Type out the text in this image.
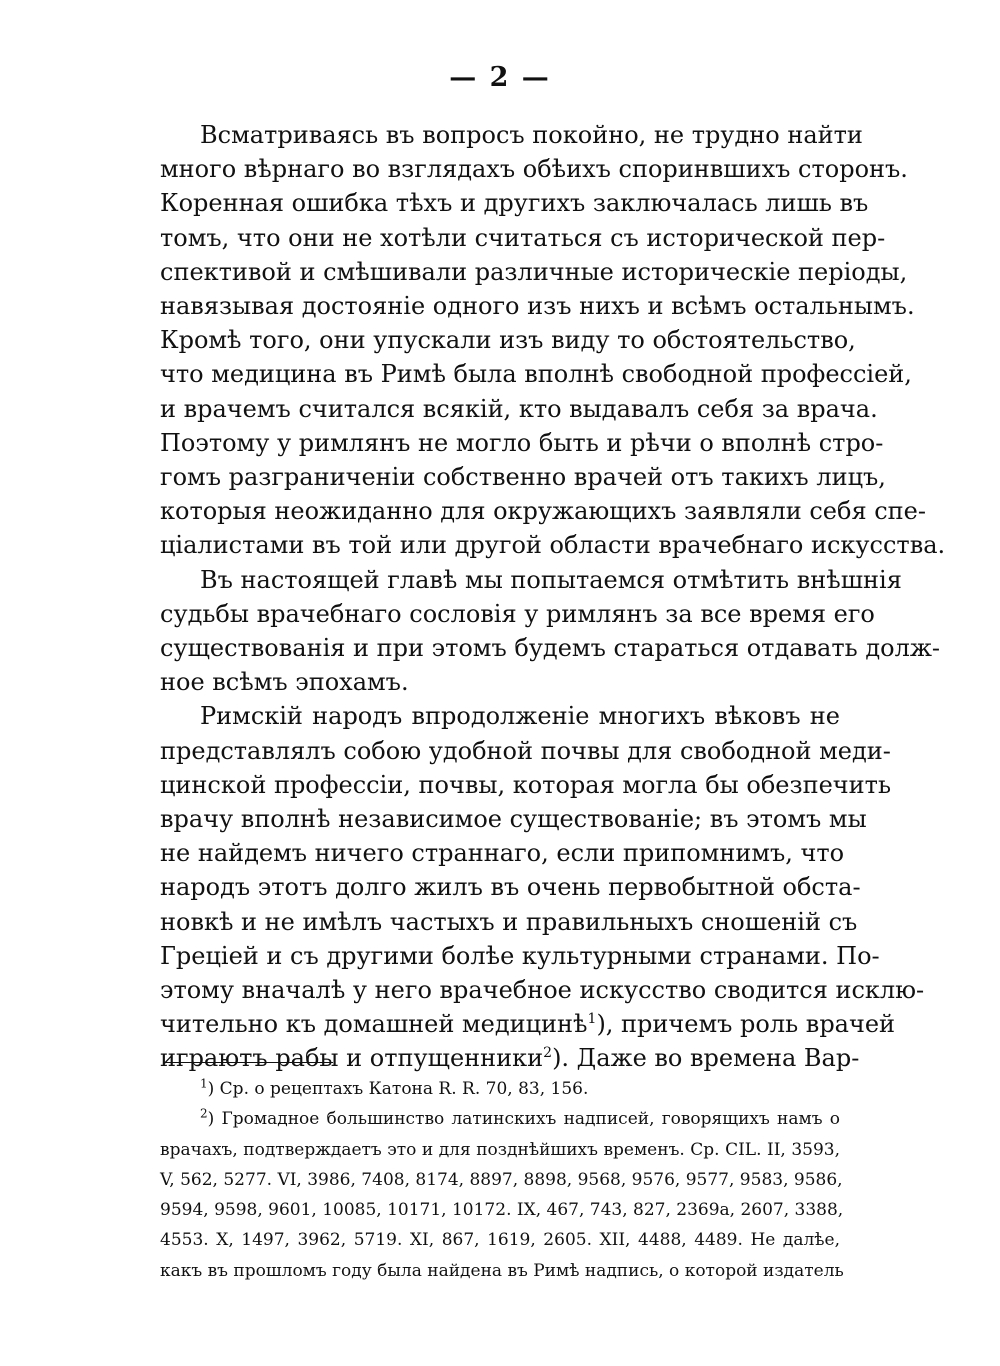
— 2 —
Всматриваясь въ вопросъ покойно, не трудно найти
много вѣрнаго во взглядахъ обѣихъ споринвшихъ сторонъ.
Коренная ошибка тѣхъ и другихъ заключалась лишь въ
томъ, что они не хотѣли считаться съ исторической пер-
спективой и смѣшивали различные историческіе періоды,
навязывая достояніе одного изъ нихъ и всѣмъ остальнымъ.
Кромѣ того, они упускали изъ виду то обстоятельство,
что медицина въ Римѣ была вполнѣ свободной профессіей,
и врачемъ считался всякій, кто выдавалъ себя за врача.
Поэтому у римлянъ не могло быть и рѣчи о вполнѣ стро-
гомъ разграниченіи собственно врачей отъ такихъ лицъ,
которыя неожиданно для окружающихъ заявляли себя спе-
ціалистами въ той или другой области врачебнаго искусства.
Въ настоящей главѣ мы попытаемся отмѣтить внѣшнія
судьбы врачебнаго сословія у римлянъ за все время его
существованія и при этомъ будемъ стараться отдавать долж-
ное всѣмъ эпохамъ.
Римскій народъ впродолженіе многихъ вѣковъ не
представлялъ собою удобной почвы для свободной меди-
цинской профессіи, почвы, которая могла бы обезпечить
врачу вполнѣ независимое существованіе; въ этомъ мы
не найдемъ ничего страннаго, если припомнимъ, что
народъ этотъ долго жилъ въ очень первобытной обста-
новкѣ и не имѣлъ частыхъ и правильныхъ сношеній съ
Греціей и съ другими болѣе культурными странами. По-
этому вначалѣ у него врачебное искусство сводится исклю-
чительно къ домашней медицинѣ$^1$), причемъ роль врачей
играютъ рабы и отпущенники$^2$). Даже во времена Вар-
$^1$) Ср. о рецептахъ Катона R. R. 70, 83, 156.
$^2$) Громадное большинство латинскихъ надписей, говорящихъ намъ о
врачахъ, подтверждаетъ это и для позднѣйшихъ временъ. Ср. CIL. II, 3593,
V, 562, 5277. VI, 3986, 7408, 8174, 8897, 8898, 9568, 9576, 9577, 9583, 9586,
9594, 9598, 9601, 10085, 10171, 10172. IX, 467, 743, 827, 2369a, 2607, 3388,
4553. X, 1497, 3962, 5719. XI, 867, 1619, 2605. XII, 4488, 4489. Не далѣе,
какъ въ прошломъ году была найдена въ Римѣ надпись, о которой издатель
